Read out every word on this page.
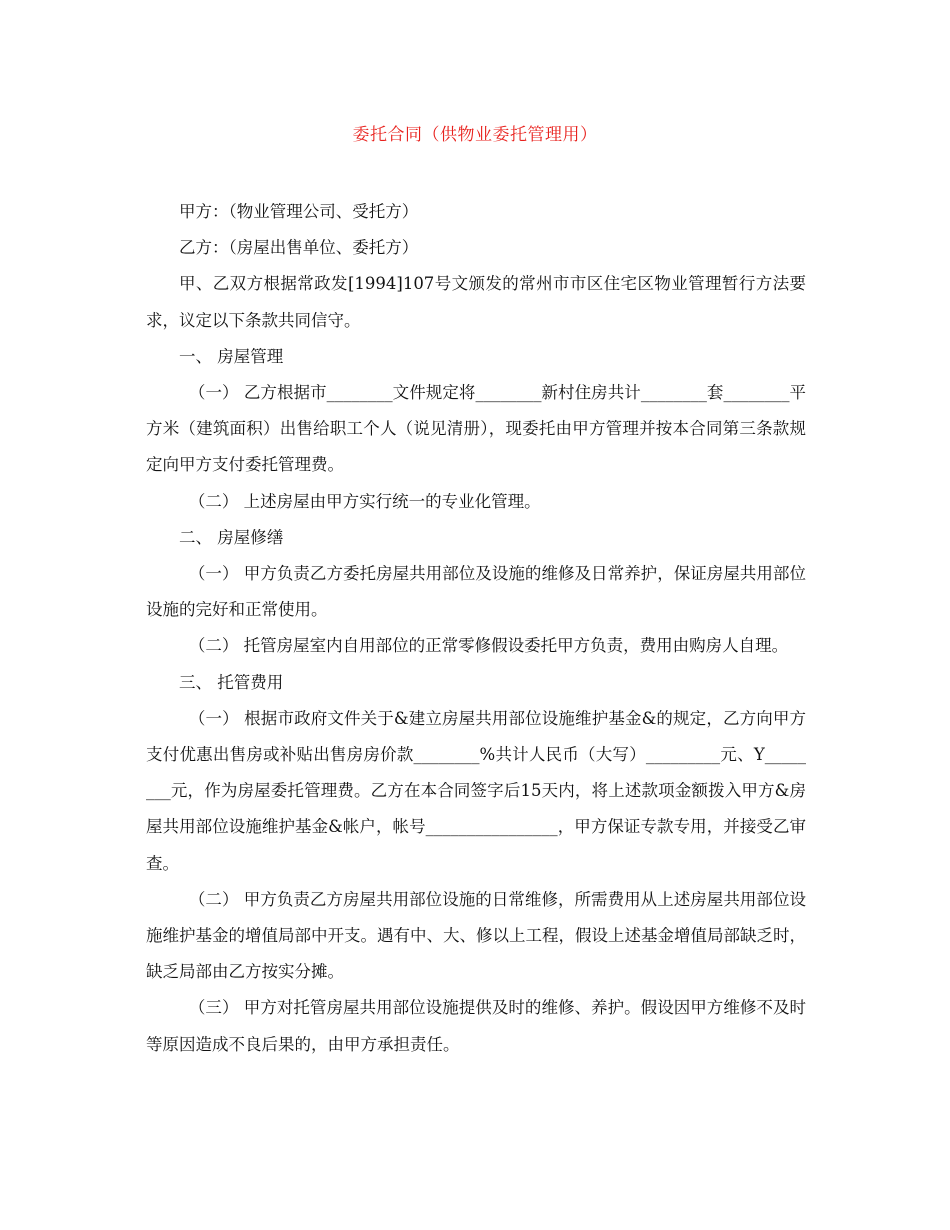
委托合同（供物业委托管理用）

甲方：（物业管理公司、受托方）

乙方：（房屋出售单位、委托方）

甲、乙双方根据常政发[1994]107号文颁发的常州市市区住宅区物业管理暂行方法要求，议定以下条款共同信守。

一、 房屋管理

（一） 乙方根据市________文件规定将________新村住房共计________套________平方米（建筑面积）出售给职工个人（说见清册），现委托由甲方管理并按本合同第三条款规定向甲方支付委托管理费。

（二） 上述房屋由甲方实行统一的专业化管理。

二、 房屋修缮

（一） 甲方负责乙方委托房屋共用部位及设施的维修及日常养护，保证房屋共用部位设施的完好和正常使用。

（二） 托管房屋室内自用部位的正常零修假设委托甲方负责，费用由购房人自理。

三、 托管费用

（一） 根据市政府文件关于&建立房屋共用部位设施维护基金&的规定，乙方向甲方支付优惠出售房或补贴出售房房价款________%共计人民币（大写）_________元、Y________元，作为房屋委托管理费。乙方在本合同签字后15天内，将上述款项金额拨入甲方&房屋共用部位设施维护基金&帐户，帐号________________，甲方保证专款专用，并接受乙审查。

（二） 甲方负责乙方房屋共用部位设施的日常维修，所需费用从上述房屋共用部位设施维护基金的增值局部中开支。遇有中、大、修以上工程，假设上述基金增值局部缺乏时，缺乏局部由乙方按实分摊。

（三） 甲方对托管房屋共用部位设施提供及时的维修、养护。假设因甲方维修不及时等原因造成不良后果的，由甲方承担责任。
